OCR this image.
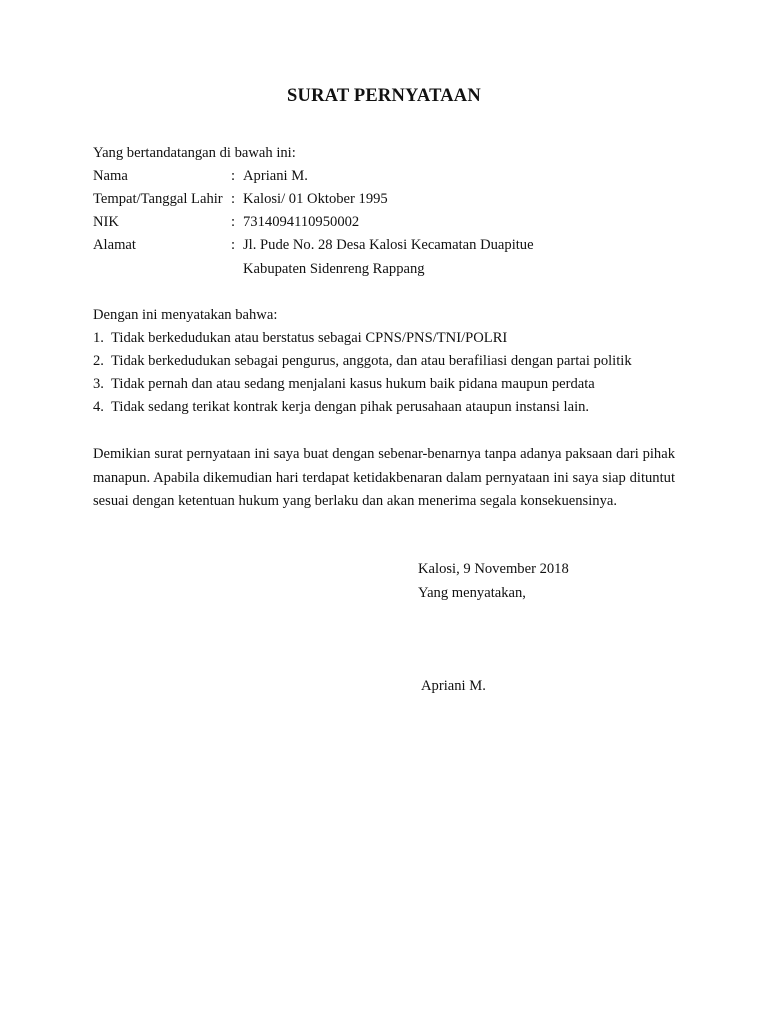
SURAT PERNYATAAN
Yang bertandatangan di bawah ini:
Nama	: Apriani M.
Tempat/Tanggal Lahir : Kalosi/ 01 Oktober 1995
NIK	: 7314094110950002
Alamat	: Jl. Pude No. 28 Desa Kalosi Kecamatan Duapitue
Kabupaten Sidenreng Rappang
Dengan ini menyatakan bahwa:
1. Tidak berkedudukan atau berstatus sebagai CPNS/PNS/TNI/POLRI
2. Tidak berkedudukan sebagai pengurus, anggota, dan atau berafiliasi dengan partai politik
3. Tidak pernah dan atau sedang menjalani kasus hukum baik pidana maupun perdata
4. Tidak sedang terikat kontrak kerja dengan pihak perusahaan ataupun instansi lain.
Demikian surat pernyataan ini saya buat dengan sebenar-benarnya tanpa adanya paksaan dari pihak manapun. Apabila dikemudian hari terdapat ketidakbenaran dalam pernyataan ini saya siap dituntut sesuai dengan ketentuan hukum yang berlaku dan akan menerima segala konsekuensinya.
Kalosi, 9 November 2018
Yang menyatakan,
Apriani M.
